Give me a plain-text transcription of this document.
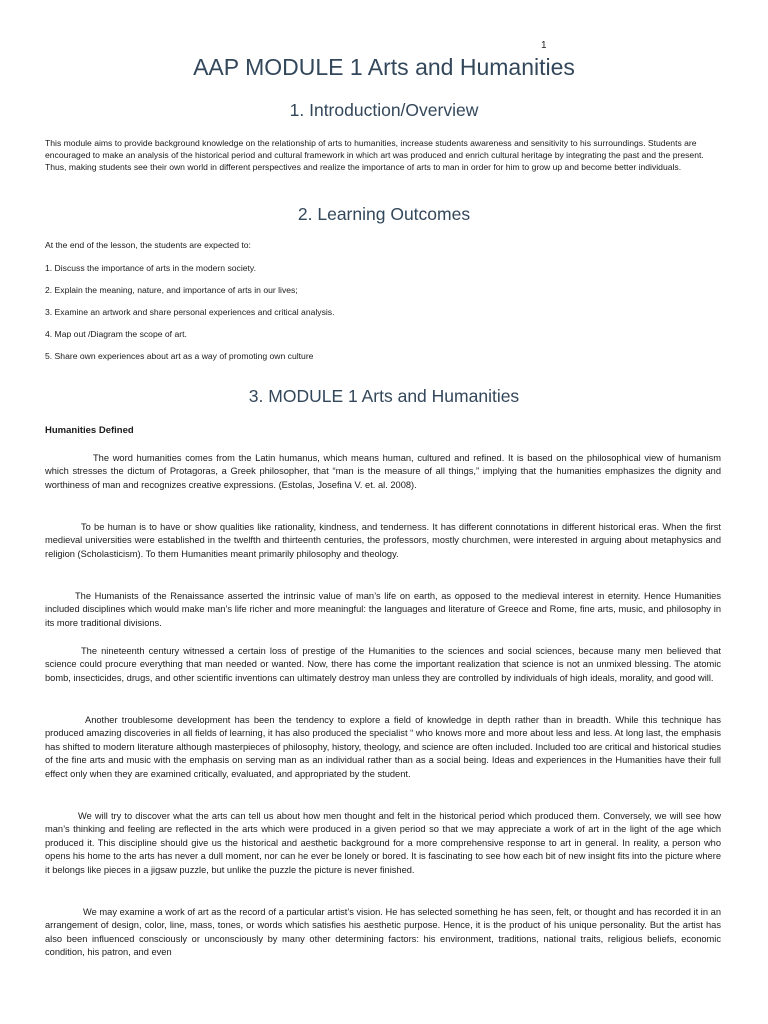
1
AAP MODULE 1 Arts and Humanities
1. Introduction/Overview

This module aims to provide background knowledge on the relationship of arts to humanities, increase students awareness and sensitivity to his surroundings. Students are encouraged to make an analysis of the historical period and cultural framework in which art was produced and enrich cultural heritage by integrating the past and the present. Thus, making students see their own world in different perspectives and realize the importance of arts to man in order for him to grow up and become better individuals.

2. Learning Outcomes

At the end of the lesson, the students are expected to:

1. Discuss the importance of arts in the modern society.

2. Explain the meaning, nature, and importance of arts in our lives;

3. Examine an artwork and share personal experiences and critical analysis.

4. Map out /Diagram the scope of art.

5. Share own experiences about art as a way of promoting own culture

3. MODULE 1 Arts and Humanities

Humanities Defined

The word humanities comes from the Latin humanus, which means human, cultured and refined. It is based on the philosophical view of humanism which stresses the dictum of Protagoras, a Greek philosopher, that “man is the measure of all things,” implying that the humanities emphasizes the dignity and worthiness of man and recognizes creative expressions. (Estolas, Josefina V. et. al. 2008).

To be human is to have or show qualities like rationality, kindness, and tenderness. It has different connotations in different historical eras. When the first medieval universities were established in the twelfth and thirteenth centuries, the professors, mostly churchmen, were interested in arguing about metaphysics and religion (Scholasticism). To them Humanities meant primarily philosophy and theology.

The Humanists of the Renaissance asserted the intrinsic value of man’s life on earth, as opposed to the medieval interest in eternity. Hence Humanities included disciplines which would make man’s life richer and more meaningful: the languages and literature of Greece and Rome, fine arts, music, and philosophy in its more traditional divisions.

The nineteenth century witnessed a certain loss of prestige of the Humanities to the sciences and social sciences, because many men believed that science could procure everything that man needed or wanted. Now, there has come the important realization that science is not an unmixed blessing. The atomic bomb, insecticides, drugs, and other scientific inventions can ultimately destroy man unless they are controlled by individuals of high ideals, morality, and good will.

Another troublesome development has been the tendency to explore a field of knowledge in depth rather than in breadth. While this technique has produced amazing discoveries in all fields of learning, it has also produced the specialist “ who knows more and more about less and less. At long last, the emphasis has shifted to modern literature although masterpieces of philosophy, history, theology, and science are often included. Included too are critical and historical studies of the fine arts and music with the emphasis on serving man as an individual rather than as a social being. Ideas and experiences in the Humanities have their full effect only when they are examined critically, evaluated, and appropriated by the student.

We will try to discover what the arts can tell us about how men thought and felt in the historical period which produced them. Conversely, we will see how man’s thinking and feeling are reflected in the arts which were produced in a given period so that we may appreciate a work of art in the light of the age which produced it. This discipline should give us the historical and aesthetic background for a more comprehensive response to art in general. In reality, a person who opens his home to the arts has never a dull moment, nor can he ever be lonely or bored. It is fascinating to see how each bit of new insight fits into the picture where it belongs like pieces in a jigsaw puzzle, but unlike the puzzle the picture is never finished.

We may examine a work of art as the record of a particular artist’s vision. He has selected something he has seen, felt, or thought and has recorded it in an arrangement of design, color, line, mass, tones, or words which satisfies his aesthetic purpose. Hence, it is the product of his unique personality. But the artist has also been influenced consciously or unconsciously by many other determining factors: his environment, traditions, national traits, religious beliefs, economic condition, his patron, and even
